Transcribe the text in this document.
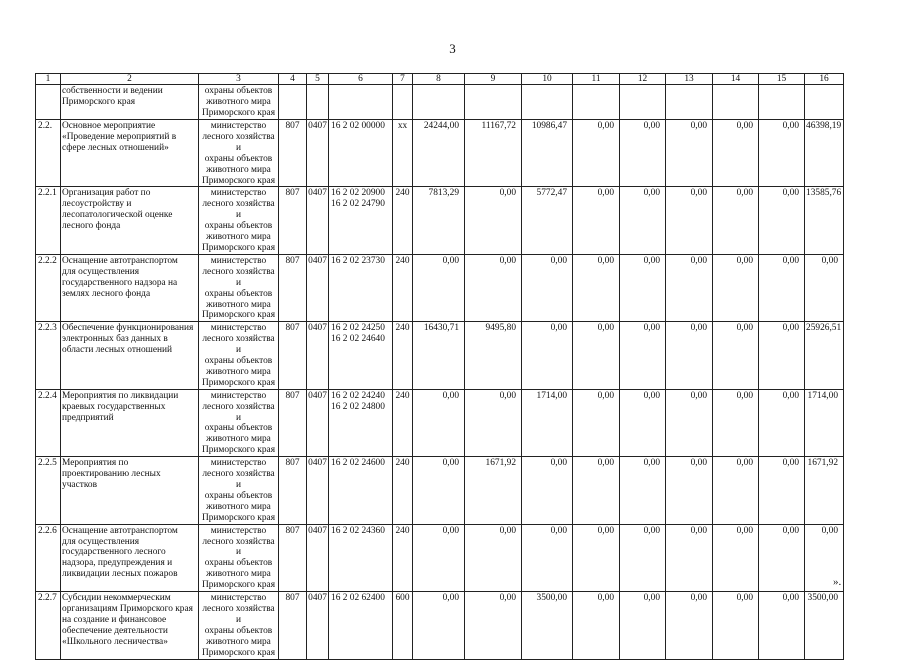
3
1	2	3	4	5	6	7	8	9	10	11	12	13	14	15	16
	собственности и ведении
Приморского края	охраны объектов
животного мира
Приморского края													
2.2.	Основное мероприятие
«Проведение мероприятий в
сфере лесных отношений»	министерство
лесного хозяйства и
охраны объектов
животного мира
Приморского края	807	0407	16 2 02 00000	хх	24244,00	11167,72	10986,47	0,00	0,00	0,00	0,00	0,00	46398,19
2.2.1	Организация работ по
лесоустройству и
лесопатологической оценке
лесного фонда	министерство
лесного хозяйства и
охраны объектов
животного мира
Приморского края	807	0407	16 2 02 20900
16 2 02 24790	240	7813,29	0,00	5772,47	0,00	0,00	0,00	0,00	0,00	13585,76
2.2.2	Оснащение автотранспортом
для осуществления
государственного надзора на
землях лесного фонда	министерство
лесного хозяйства и
охраны объектов
животного мира
Приморского края	807	0407	16 2 02 23730	240	0,00	0,00	0,00	0,00	0,00	0,00	0,00	0,00	0,00
2.2.3	Обеспечение функционирования
электронных баз данных в
области лесных отношений	министерство
лесного хозяйства и
охраны объектов
животного мира
Приморского края	807	0407	16 2 02 24250
16 2 02 24640	240	16430,71	9495,80	0,00	0,00	0,00	0,00	0,00	0,00	25926,51
2.2.4	Мероприятия по ликвидации
краевых государственных
предприятий	министерство
лесного хозяйства и
охраны объектов
животного мира
Приморского края	807	0407	16 2 02 24240
16 2 02 24800	240	0,00	0,00	1714,00	0,00	0,00	0,00	0,00	0,00	1714,00
2.2.5	Мероприятия по
проектированию лесных
участков	министерство
лесного хозяйства и
охраны объектов
животного мира
Приморского края	807	0407	16 2 02 24600	240	0,00	1671,92	0,00	0,00	0,00	0,00	0,00	0,00	1671,92
2.2.6	Оснащение автотранспортом
для осуществления
государственного лесного
надзора, предупреждения и
ликвидации лесных пожаров	министерство
лесного хозяйства и
охраны объектов
животного мира
Приморского края	807	0407	16 2 02 24360	240	0,00	0,00	0,00	0,00	0,00	0,00	0,00	0,00	0,00
2.2.7	Субсидии некоммерческим
организациям Приморского края
на создание и финансовое
обеспечение деятельности
«Школьного лесничества»	министерство
лесного хозяйства и
охраны объектов
животного мира
Приморского края	807	0407	16 2 02 62400	600	0,00	0,00	3500,00	0,00	0,00	0,00	0,00	0,00	3500,00
».
